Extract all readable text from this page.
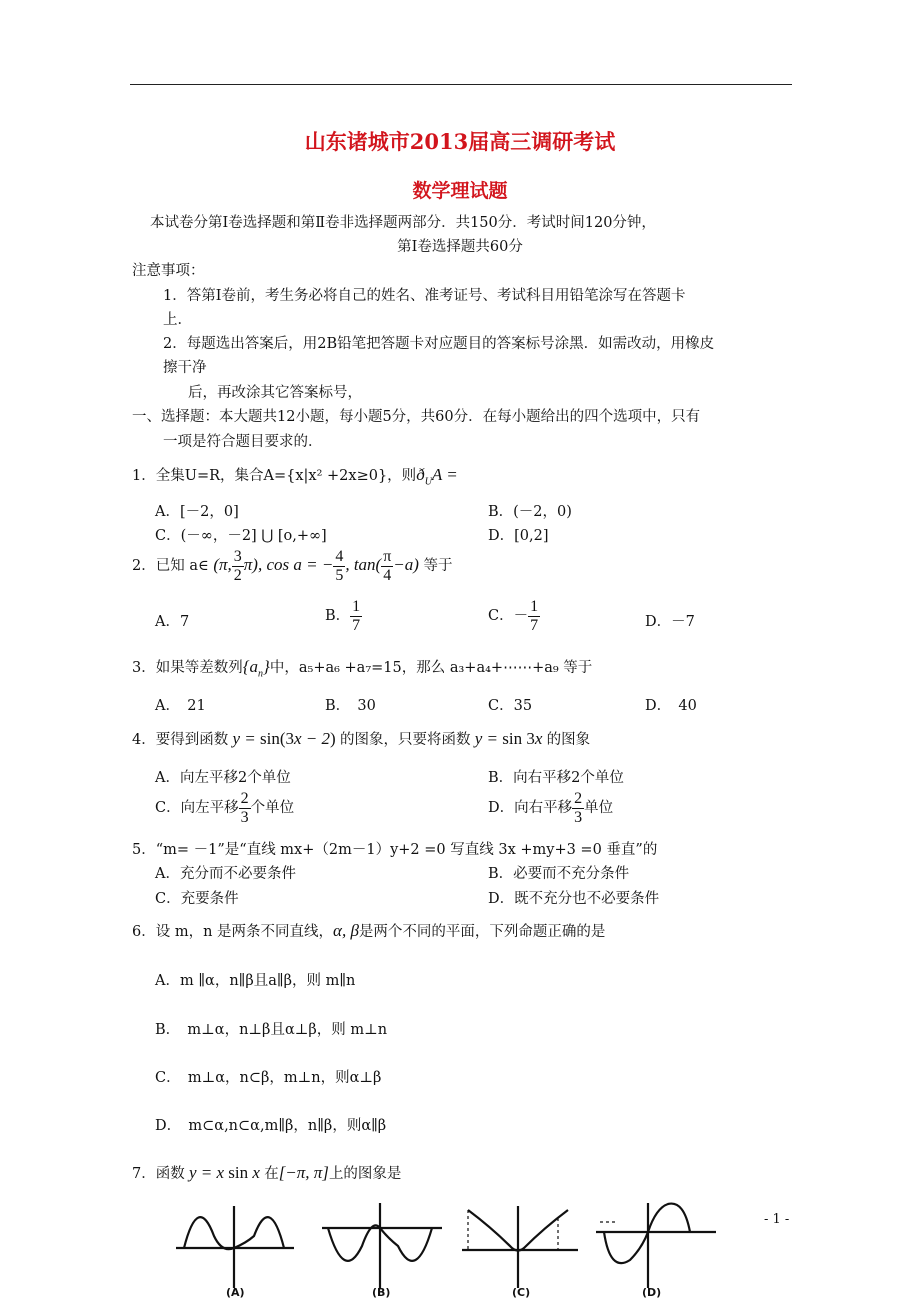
山东诸城市2013届高三调研考试
数学理试题
本试卷分第Ⅰ卷选择题和第Ⅱ卷非选择题两部分．共150分．考试时间120分钟，
第Ⅰ卷选择题共60分
注意事项：
1．答第Ⅰ卷前，考生务必将自己的姓名、准考证号、考试科目用铅笔涂写在答题卡
上．
2．每题选出答案后，用2B铅笔把答题卡对应题目的答案标号涂黑．如需改动，用橡皮
擦干净
后，再改涂其它答案标号，
一、选择题：本大题共12小题，每小题5分，共60分．在每小题给出的四个选项中，只有
一项是符合题目要求的．
1．全集U=R，集合A={x|x² +2x≥0}，则$ð_UA$ =
A．[－2，0]	B．(－2，0)
C．(－∞，－2] ⋃ [o,+∞]	D．[0,2]
2．已知 a∈ (π, $\frac{3}{2} \pi$), cos a = − $\frac{4}{5}$ , $\tan( \frac{\pi}{4} -a)$ 等于
A．7	B． $\frac{1}{7}$	C．－ $\frac{1}{7}$	D．－7
3．如果等差数列$\{a_n\}$中，a₅+a₆ +a₇=15，那么 a₃+a₄+⋯⋯+a₉ 等于
A．　21	B．　30	C．35	D．　40
4．要得到函数 y = sin(3x − 2) 的图象，只要将函数 y = sin 3x 的图象
A．向左平移2个单位	B．向右平移2个单位
C．向左平移 $\frac{2}{3}$ 个单位	D．向右平移 $\frac{2}{3}$ 单位
5．“m= －1”是“直线 mx+（2m－1）y+2 =0 写直线 3x +my+3 =0 垂直”的
A．充分而不必要条件	B．必要而不充分条件
C．充要条件	D．既不充分也不必要条件
6．设 m，n 是两条不同直线，α, β是两个不同的平面，下列命题正确的是
A．m ∥α，n∥β且a∥β，则 m∥n
B．　m⊥α，n⊥β且α⊥β，则 m⊥n
C．　m⊥α，n⊂β，m⊥n，则α⊥β
D．　m⊂α,n⊂α,m∥β，n∥β，则α∥β
7．函数 y = x sin x 在[−π, π]上的图象是
(A)	(B)	(C)	(D)
- 1 -
